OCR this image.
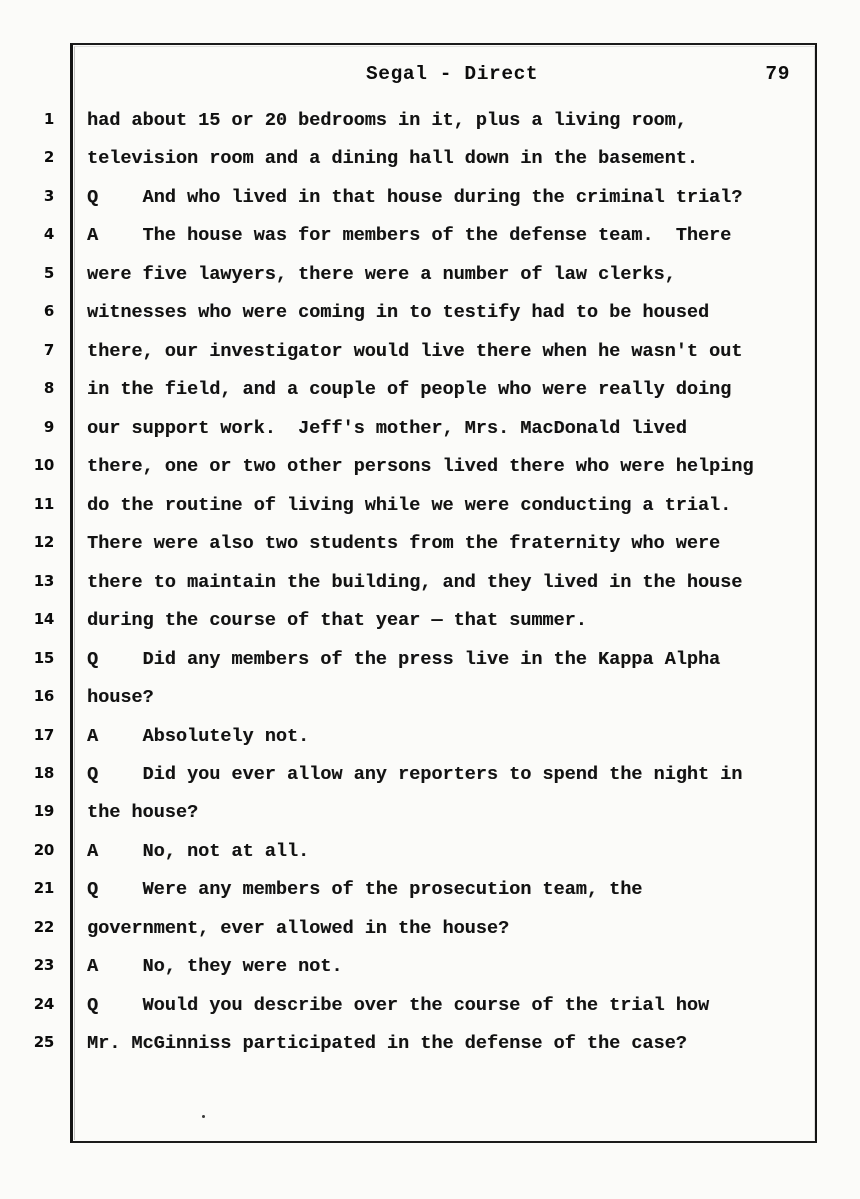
Segal - Direct	79
1
2
3
4
5
6
7
8
9
10
11
12
13
14
15
16
17
18
19
20
21
22
23
24
25
had about 15 or 20 bedrooms in it, plus a living room,
television room and a dining hall down in the basement.
Q    And who lived in that house during the criminal trial?
A    The house was for members of the defense team.  There
were five lawyers, there were a number of law clerks,
witnesses who were coming in to testify had to be housed
there, our investigator would live there when he wasn't out
in the field, and a couple of people who were really doing
our support work.  Jeff's mother, Mrs. MacDonald lived
there, one or two other persons lived there who were helping
do the routine of living while we were conducting a trial.
There were also two students from the fraternity who were
there to maintain the building, and they lived in the house
during the course of that year — that summer.
Q    Did any members of the press live in the Kappa Alpha
house?
A    Absolutely not.
Q    Did you ever allow any reporters to spend the night in
the house?
A    No, not at all.
Q    Were any members of the prosecution team, the
government, ever allowed in the house?
A    No, they were not.
Q    Would you describe over the course of the trial how
Mr. McGinniss participated in the defense of the case?
